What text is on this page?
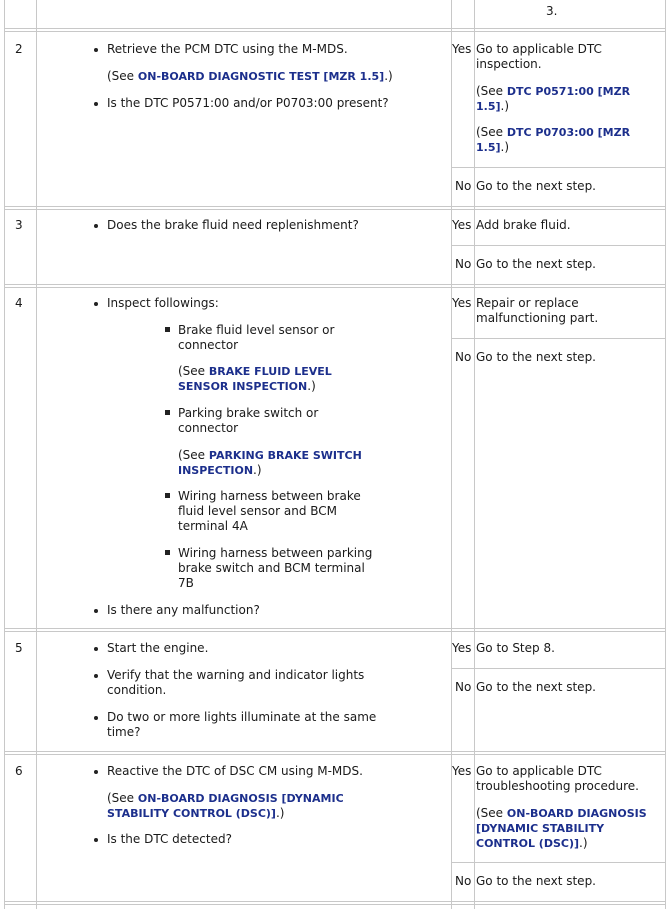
3.
2	Retrieve the PCM DTC using the M-MDS.
(See ON-BOARD DIAGNOSTIC TEST [MZR 1.5].)
Is the DTC P0571:00 and/or P0703:00 present?
Yes Go to applicable DTC inspection.
(See DTC P0571:00 [MZR 1.5].)
(See DTC P0703:00 [MZR 1.5].)
No Go to the next step.
3	Does the brake fluid need replenishment?	Yes Add brake fluid.
No Go to the next step.
4	Inspect followings:
Brake fluid level sensor or connector
(See BRAKE FLUID LEVEL SENSOR INSPECTION.)
Parking brake switch or connector
(See PARKING BRAKE SWITCH INSPECTION.)
Wiring harness between brake fluid level sensor and BCM terminal 4A
Wiring harness between parking brake switch and BCM terminal 7B
Is there any malfunction?
Yes Repair or replace malfunctioning part.
No Go to the next step.
5	Start the engine.
Verify that the warning and indicator lights condition.
Do two or more lights illuminate at the same time?
Yes Go to Step 8.
No Go to the next step.
6	Reactive the DTC of DSC CM using M-MDS.
(See ON-BOARD DIAGNOSIS [DYNAMIC STABILITY CONTROL (DSC)].)
Is the DTC detected?
Yes Go to applicable DTC troubleshooting procedure.
(See ON-BOARD DIAGNOSIS [DYNAMIC STABILITY CONTROL (DSC)].)
No Go to the next step.
